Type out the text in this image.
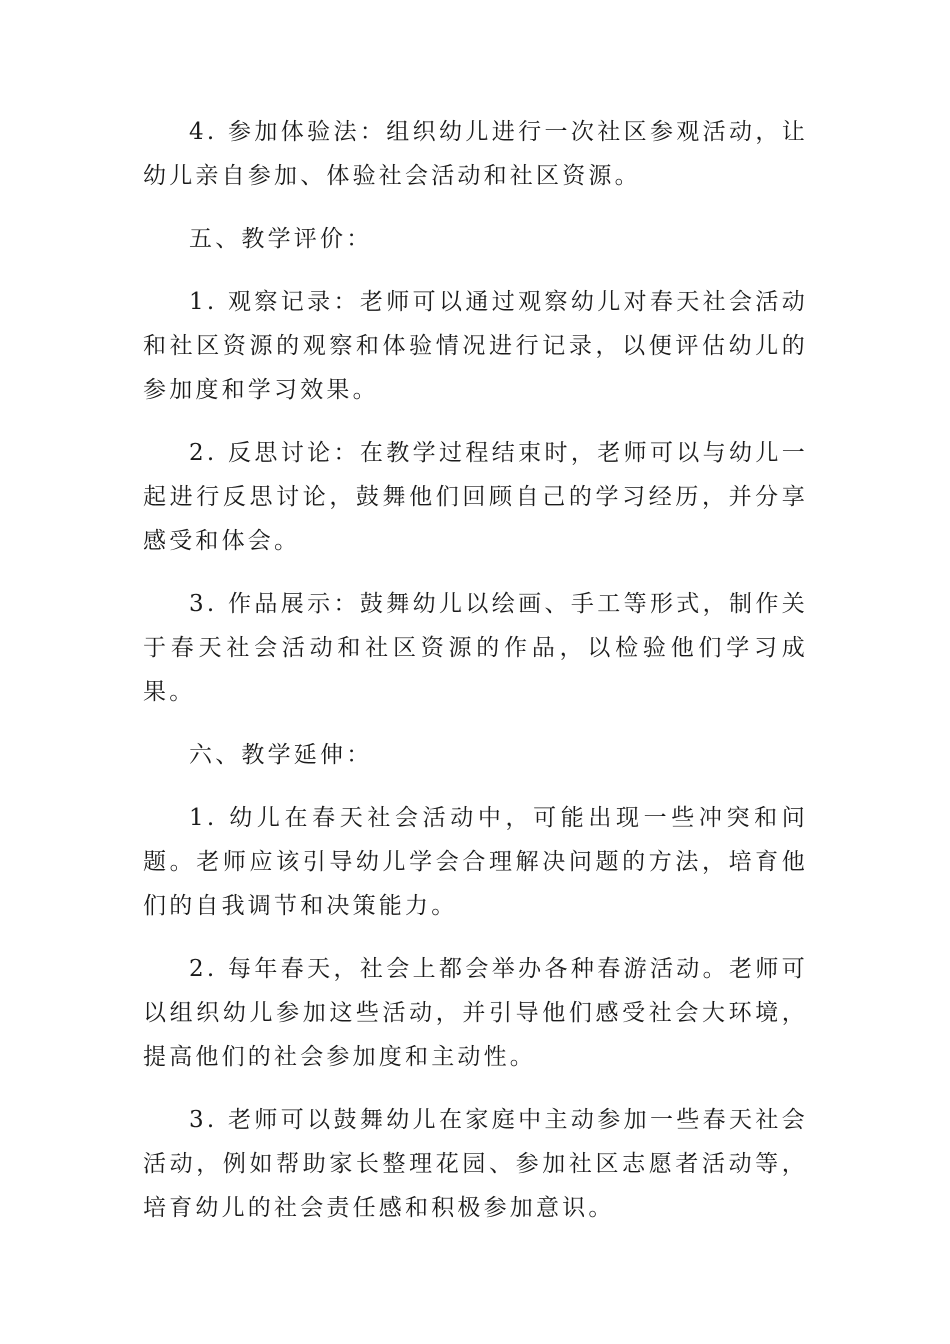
4. 参加体验法：组织幼儿进行一次社区参观活动，让幼儿亲自参加、体验社会活动和社区资源。

五、教学评价：

1. 观察记录：老师可以通过观察幼儿对春天社会活动和社区资源的观察和体验情况进行记录，以便评估幼儿的参加度和学习效果。

2. 反思讨论：在教学过程结束时，老师可以与幼儿一起进行反思讨论，鼓舞他们回顾自己的学习经历，并分享感受和体会。

3. 作品展示：鼓舞幼儿以绘画、手工等形式，制作关于春天社会活动和社区资源的作品，以检验他们学习成果。

六、教学延伸：

1. 幼儿在春天社会活动中，可能出现一些冲突和问题。老师应该引导幼儿学会合理解决问题的方法，培育他们的自我调节和决策能力。

2. 每年春天，社会上都会举办各种春游活动。老师可以组织幼儿参加这些活动，并引导他们感受社会大环境，提高他们的社会参加度和主动性。

3. 老师可以鼓舞幼儿在家庭中主动参加一些春天社会活动，例如帮助家长整理花园、参加社区志愿者活动等，培育幼儿的社会责任感和积极参加意识。
